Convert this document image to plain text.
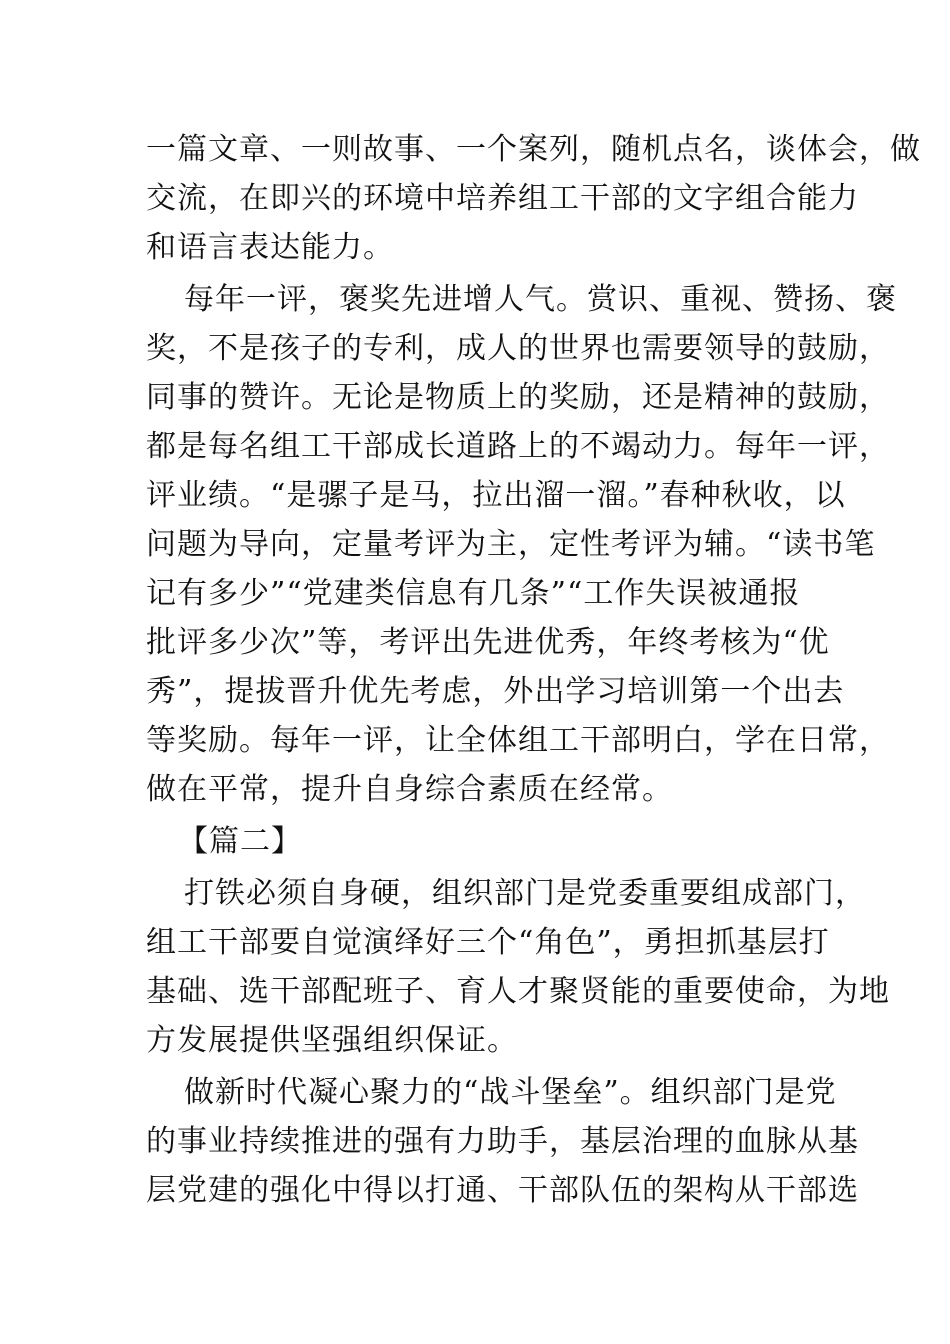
一篇文章、一则故事、一个案列，随机点名，谈体会，做
交流，在即兴的环境中培养组工干部的文字组合能力
和语言表达能力。
每年一评，褒奖先进增人气。赏识、重视、赞扬、褒
奖，不是孩子的专利，成人的世界也需要领导的鼓励，
同事的赞许。无论是物质上的奖励，还是精神的鼓励，
都是每名组工干部成长道路上的不竭动力。每年一评，
评业绩。“是骡子是马，拉出溜一溜。”春种秋收，以
问题为导向，定量考评为主，定性考评为辅。“读书笔
记有多少”“党建类信息有几条”“工作失误被通报
批评多少次”等，考评出先进优秀，年终考核为“优
秀”，提拔晋升优先考虑，外出学习培训第一个出去
等奖励。每年一评，让全体组工干部明白，学在日常，
做在平常，提升自身综合素质在经常。
【篇二】
打铁必须自身硬，组织部门是党委重要组成部门，
组工干部要自觉演绎好三个“角色”，勇担抓基层打
基础、选干部配班子、育人才聚贤能的重要使命，为地
方发展提供坚强组织保证。
做新时代凝心聚力的“战斗堡垒”。组织部门是党
的事业持续推进的强有力助手，基层治理的血脉从基
层党建的强化中得以打通、干部队伍的架构从干部选
